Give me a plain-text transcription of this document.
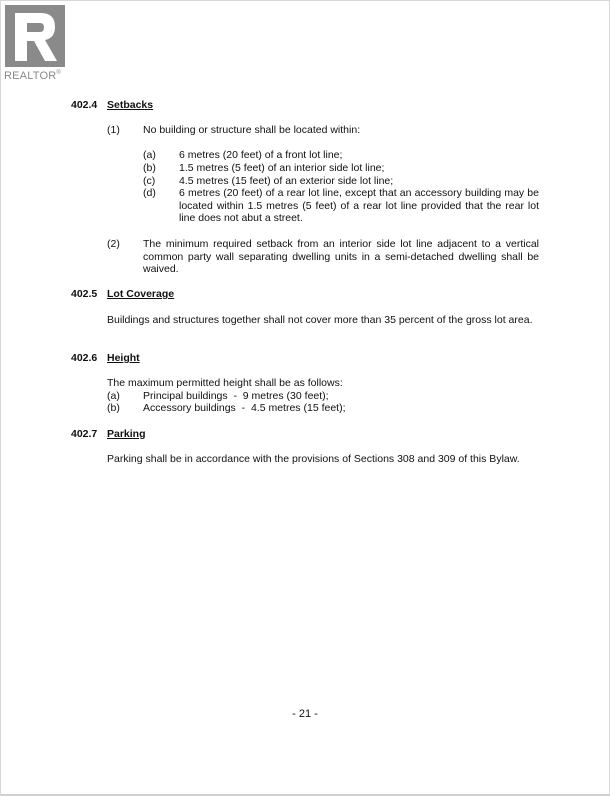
REALTOR®
402.4 Setbacks
(1) No building or structure shall be located within:
(a) 6 metres (20 feet) of a front lot line;
(b) 1.5 metres (5 feet) of an interior side lot line;
(c) 4.5 metres (15 feet) of an exterior side lot line;
(d) 6 metres (20 feet) of a rear lot line, except that an accessory building may be located within 1.5 metres (5 feet) of a rear lot line provided that the rear lot line does not abut a street.
(2) The minimum required setback from an interior side lot line adjacent to a vertical common party wall separating dwelling units in a semi-detached dwelling shall be waived.
402.5 Lot Coverage
Buildings and structures together shall not cover more than 35 percent of the gross lot area.
402.6 Height
The maximum permitted height shall be as follows:
(a) Principal buildings  -  9 metres (30 feet);
(b) Accessory buildings  -  4.5 metres (15 feet);
402.7 Parking
Parking shall be in accordance with the provisions of Sections 308 and 309 of this Bylaw.
- 21 -
